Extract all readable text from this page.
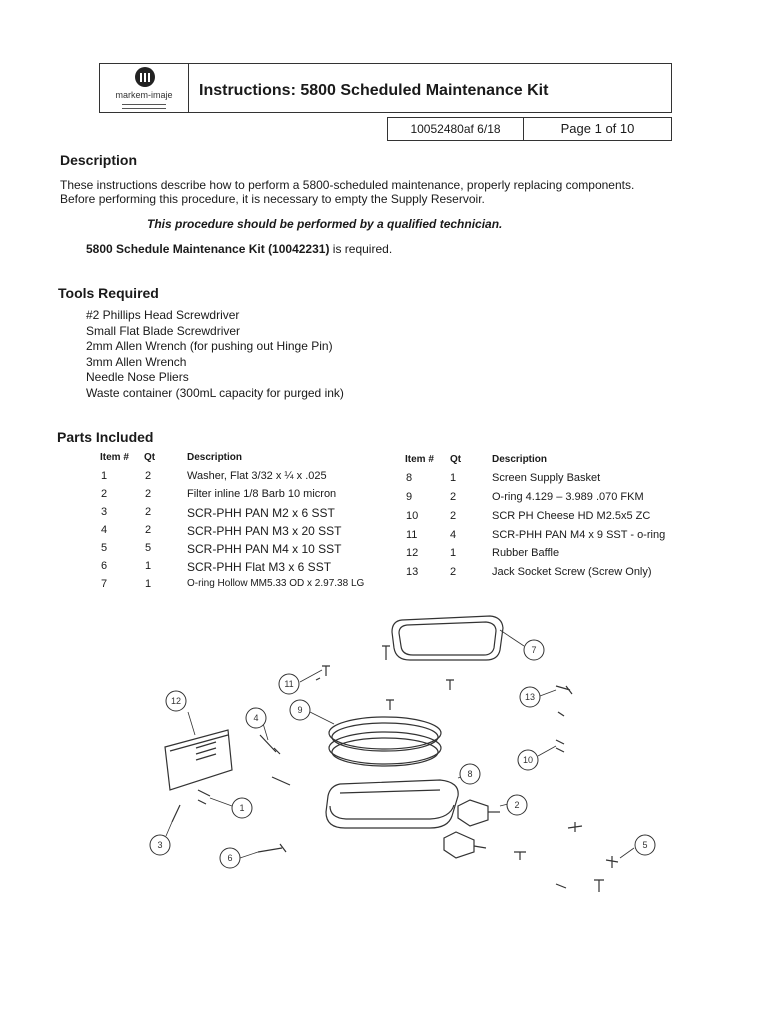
markem-imaje	Instructions: 5800 Scheduled Maintenance Kit
10052480af 6/18	Page 1 of 10
Description
These instructions describe how to perform a 5800-scheduled maintenance, properly replacing components.
Before performing this procedure, it is necessary to empty the Supply Reservoir.
This procedure should be performed by a qualified technician.
5800 Schedule Maintenance Kit (10042231) is required.
Tools Required
#2 Phillips Head Screwdriver
Small Flat Blade Screwdriver
2mm Allen Wrench (for pushing out Hinge Pin)
3mm Allen Wrench
Needle Nose Pliers
Waste container (300mL capacity for purged ink)
Parts Included
Item # Qt	Description
1	2	Washer, Flat 3/32 x ¼ x .025
2	2	Filter inline 1/8 Barb 10 micron
3	2	SCR-PHH PAN M2 x 6 SST
4	2	SCR-PHH PAN M3 x 20 SST
5	5	SCR-PHH PAN M4 x 10 SST
6	1	SCR-PHH Flat M3 x 6 SST
7	1	O-ring Hollow MM5.33 OD x 2.97.38 LG
Item # Qt	Description
8	1	Screen Supply Basket
9	2	O-ring 4.129 – 3.989 .070 FKM
10	2	SCR PH Cheese HD M2.5x5 ZC
11	4	SCR-PHH PAN M4 x 9 SST - o-ring
12	1	Rubber Baffle
13	2	Jack Socket Screw (Screw Only)
7
11
12
9
4
13
10
8
2
1
3
6
5
